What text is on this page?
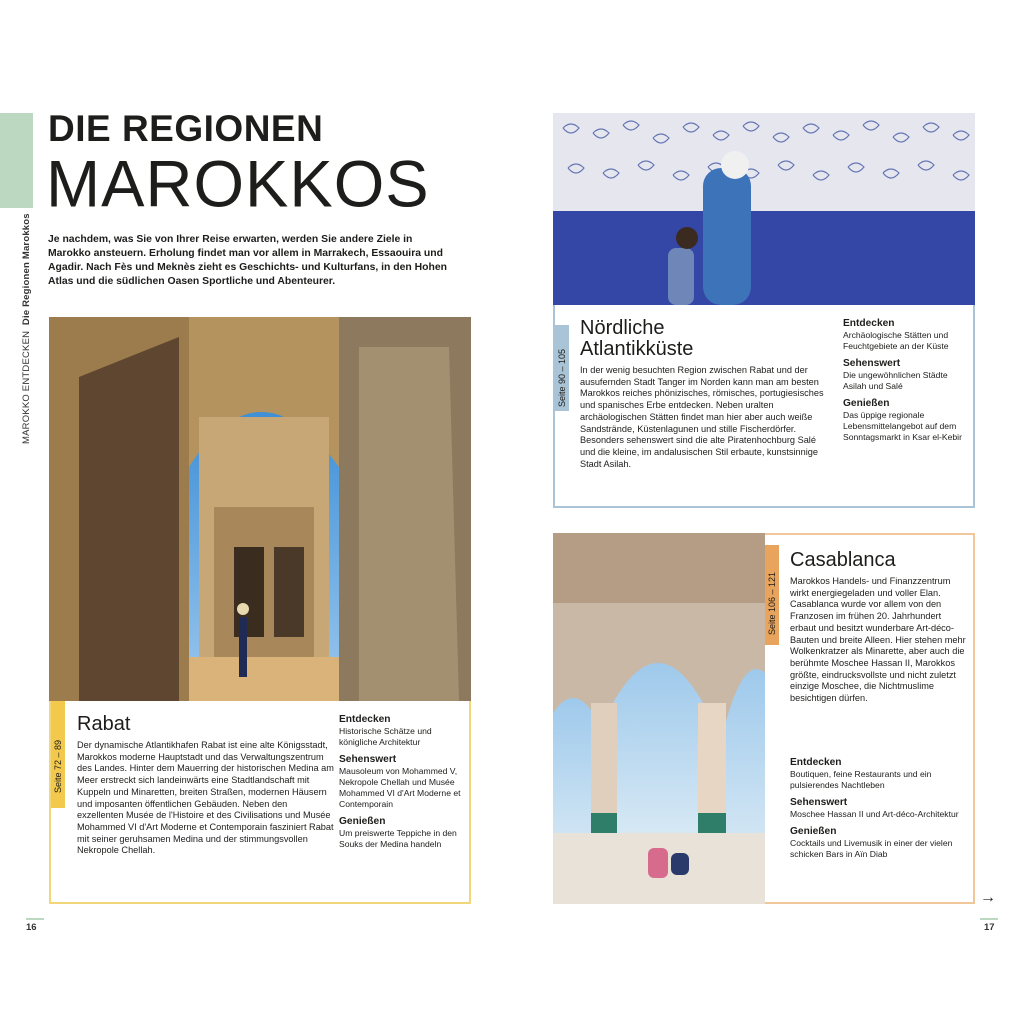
MAROKKO ENTDECKEN  Die Regionen Marokkos
DIE REGIONEN
MAROKKOS
Je nachdem, was Sie von Ihrer Reise erwarten, werden Sie andere Ziele in Marokko ansteuern. Erholung findet man vor allem in Marrakech, Essaouira und Agadir. Nach Fès und Meknès zieht es Geschichts- und Kulturfans, in den Hohen Atlas und die südlichen Oasen Sportliche und Abenteurer.
Seite 72 – 89
Rabat
Der dynamische Atlantikhafen Rabat ist eine alte Königsstadt, Marokkos moderne Hauptstadt und das Verwaltungszentrum des Landes. Hinter dem Mauerring der historischen Medina am Meer erstreckt sich landeinwärts eine Stadtlandschaft mit Kuppeln und Minaretten, breiten Straßen, modernen Häusern und imposanten öffentlichen Gebäuden. Neben den exzellenten Musée de l'Histoire et des Civilisations und Musée Mohammed VI d'Art Moderne et Contemporain fasziniert Rabat mit seiner geruhsamen Medina und der stimmungsvollen Nekropole Chellah.
Entdecken

Historische Schätze und königliche Architektur

Sehenswert

Mausoleum von Mohammed V, Nekropole Chellah und Musée Mohammed VI d'Art Moderne et Contemporain

Genießen

Um preiswerte Teppiche in den Souks der Medina handeln

16
Seite 90 – 105
Nördliche
Atlantikküste
In der wenig besuchten Region zwischen Rabat und der ausufernden Stadt Tanger im Norden kann man am besten Marokkos reiches phönizisches, römisches, portugiesisches und spanisches Erbe entdecken. Neben uralten archäologischen Stätten findet man hier aber auch weiße Sandstrände, Küstenlagunen und stille Fischerdörfer. Besonders sehenswert sind die alte Piratenhochburg Salé und die kleine, im andalusischen Stil erbaute, kunstsinnige Stadt Asilah.
Entdecken

Archäologische Stätten und Feuchtgebiete an der Küste

Sehenswert

Die ungewöhnlichen Städte Asilah und Salé

Genießen

Das üppige regionale Lebensmittelangebot auf dem Sonntagsmarkt in Ksar el-Kebir

Seite 106 – 121
Casablanca
Marokkos Handels- und Finanzzentrum wirkt energiegeladen und voller Elan. Casablanca wurde vor allem von den Franzosen im frühen 20. Jahrhundert erbaut und besitzt wunderbare Art-déco-Bauten und breite Alleen. Hier stehen mehr Wolkenkratzer als Minarette, aber auch die berühmte Moschee Hassan II, Marokkos größte, eindrucksvollste und nicht zuletzt einzige Moschee, die Nichtmuslime besichtigen dürfen.
Entdecken

Boutiquen, feine Restaurants und ein pulsierendes Nachtleben

Sehenswert

Moschee Hassan II und Art-déco-Architektur

Genießen

Cocktails und Livemusik in einer der vielen schicken Bars in Aïn Diab

→
17
